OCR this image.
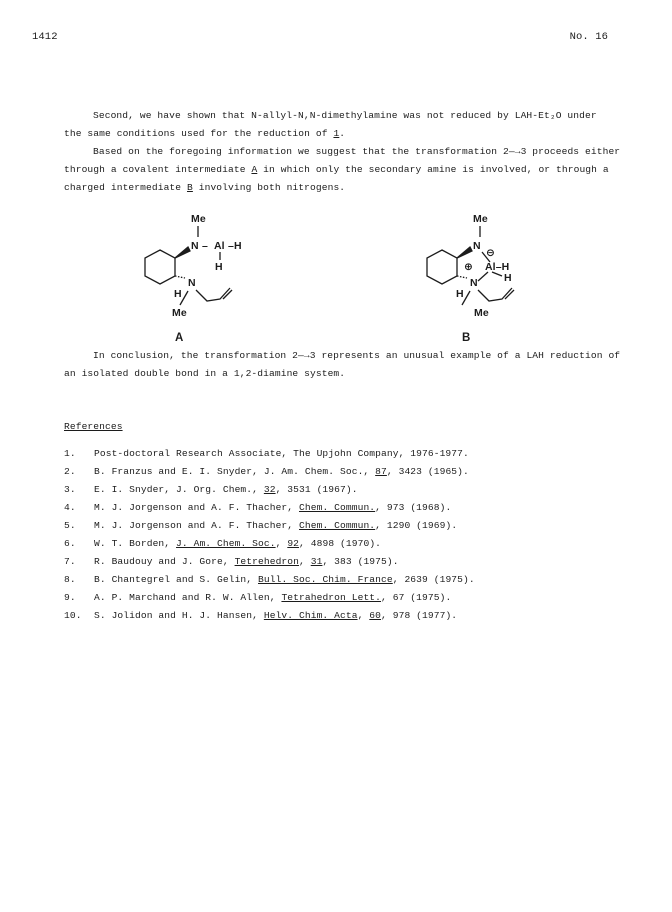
1412	No. 16
Second, we have shown that N-allyl-N,N-dimethylamine was not reduced by LAH-Et₂O under
the same conditions used for the reduction of 1.
Based on the foregoing information we suggest that the transformation 2—→3 proceeds either through a covalent intermediate A in which only the secondary amine is involved, or through a charged intermediate B involving both nitrogens.
Me
N – Al –H
H
N
H
Me
A
Me
N
⊖
⊕ Al–H
H
N
H
Me
B
In conclusion, the transformation 2—→3 represents an unusual example of a LAH reduction of an isolated double bond in a 1,2-diamine system.
References
1. Post-doctoral Research Associate, The Upjohn Company, 1976-1977.
2. B. Franzus and E. I. Snyder, J. Am. Chem. Soc., 87, 3423 (1965).
3. E. I. Snyder, J. Org. Chem., 32, 3531 (1967).
4. M. J. Jorgenson and A. F. Thacher, Chem. Commun., 973 (1968).
5. M. J. Jorgenson and A. F. Thacher, Chem. Commun., 1290 (1969).
6. W. T. Borden, J. Am. Chem. Soc., 92, 4898 (1970).
7. R. Baudouy and J. Gore, Tetrehedron, 31, 383 (1975).
8. B. Chantegrel and S. Gelin, Bull. Soc. Chim. France, 2639 (1975).
9. A. P. Marchand and R. W. Allen, Tetrahedron Lett., 67 (1975).
10. S. Jolidon and H. J. Hansen, Helv. Chim. Acta, 60, 978 (1977).
